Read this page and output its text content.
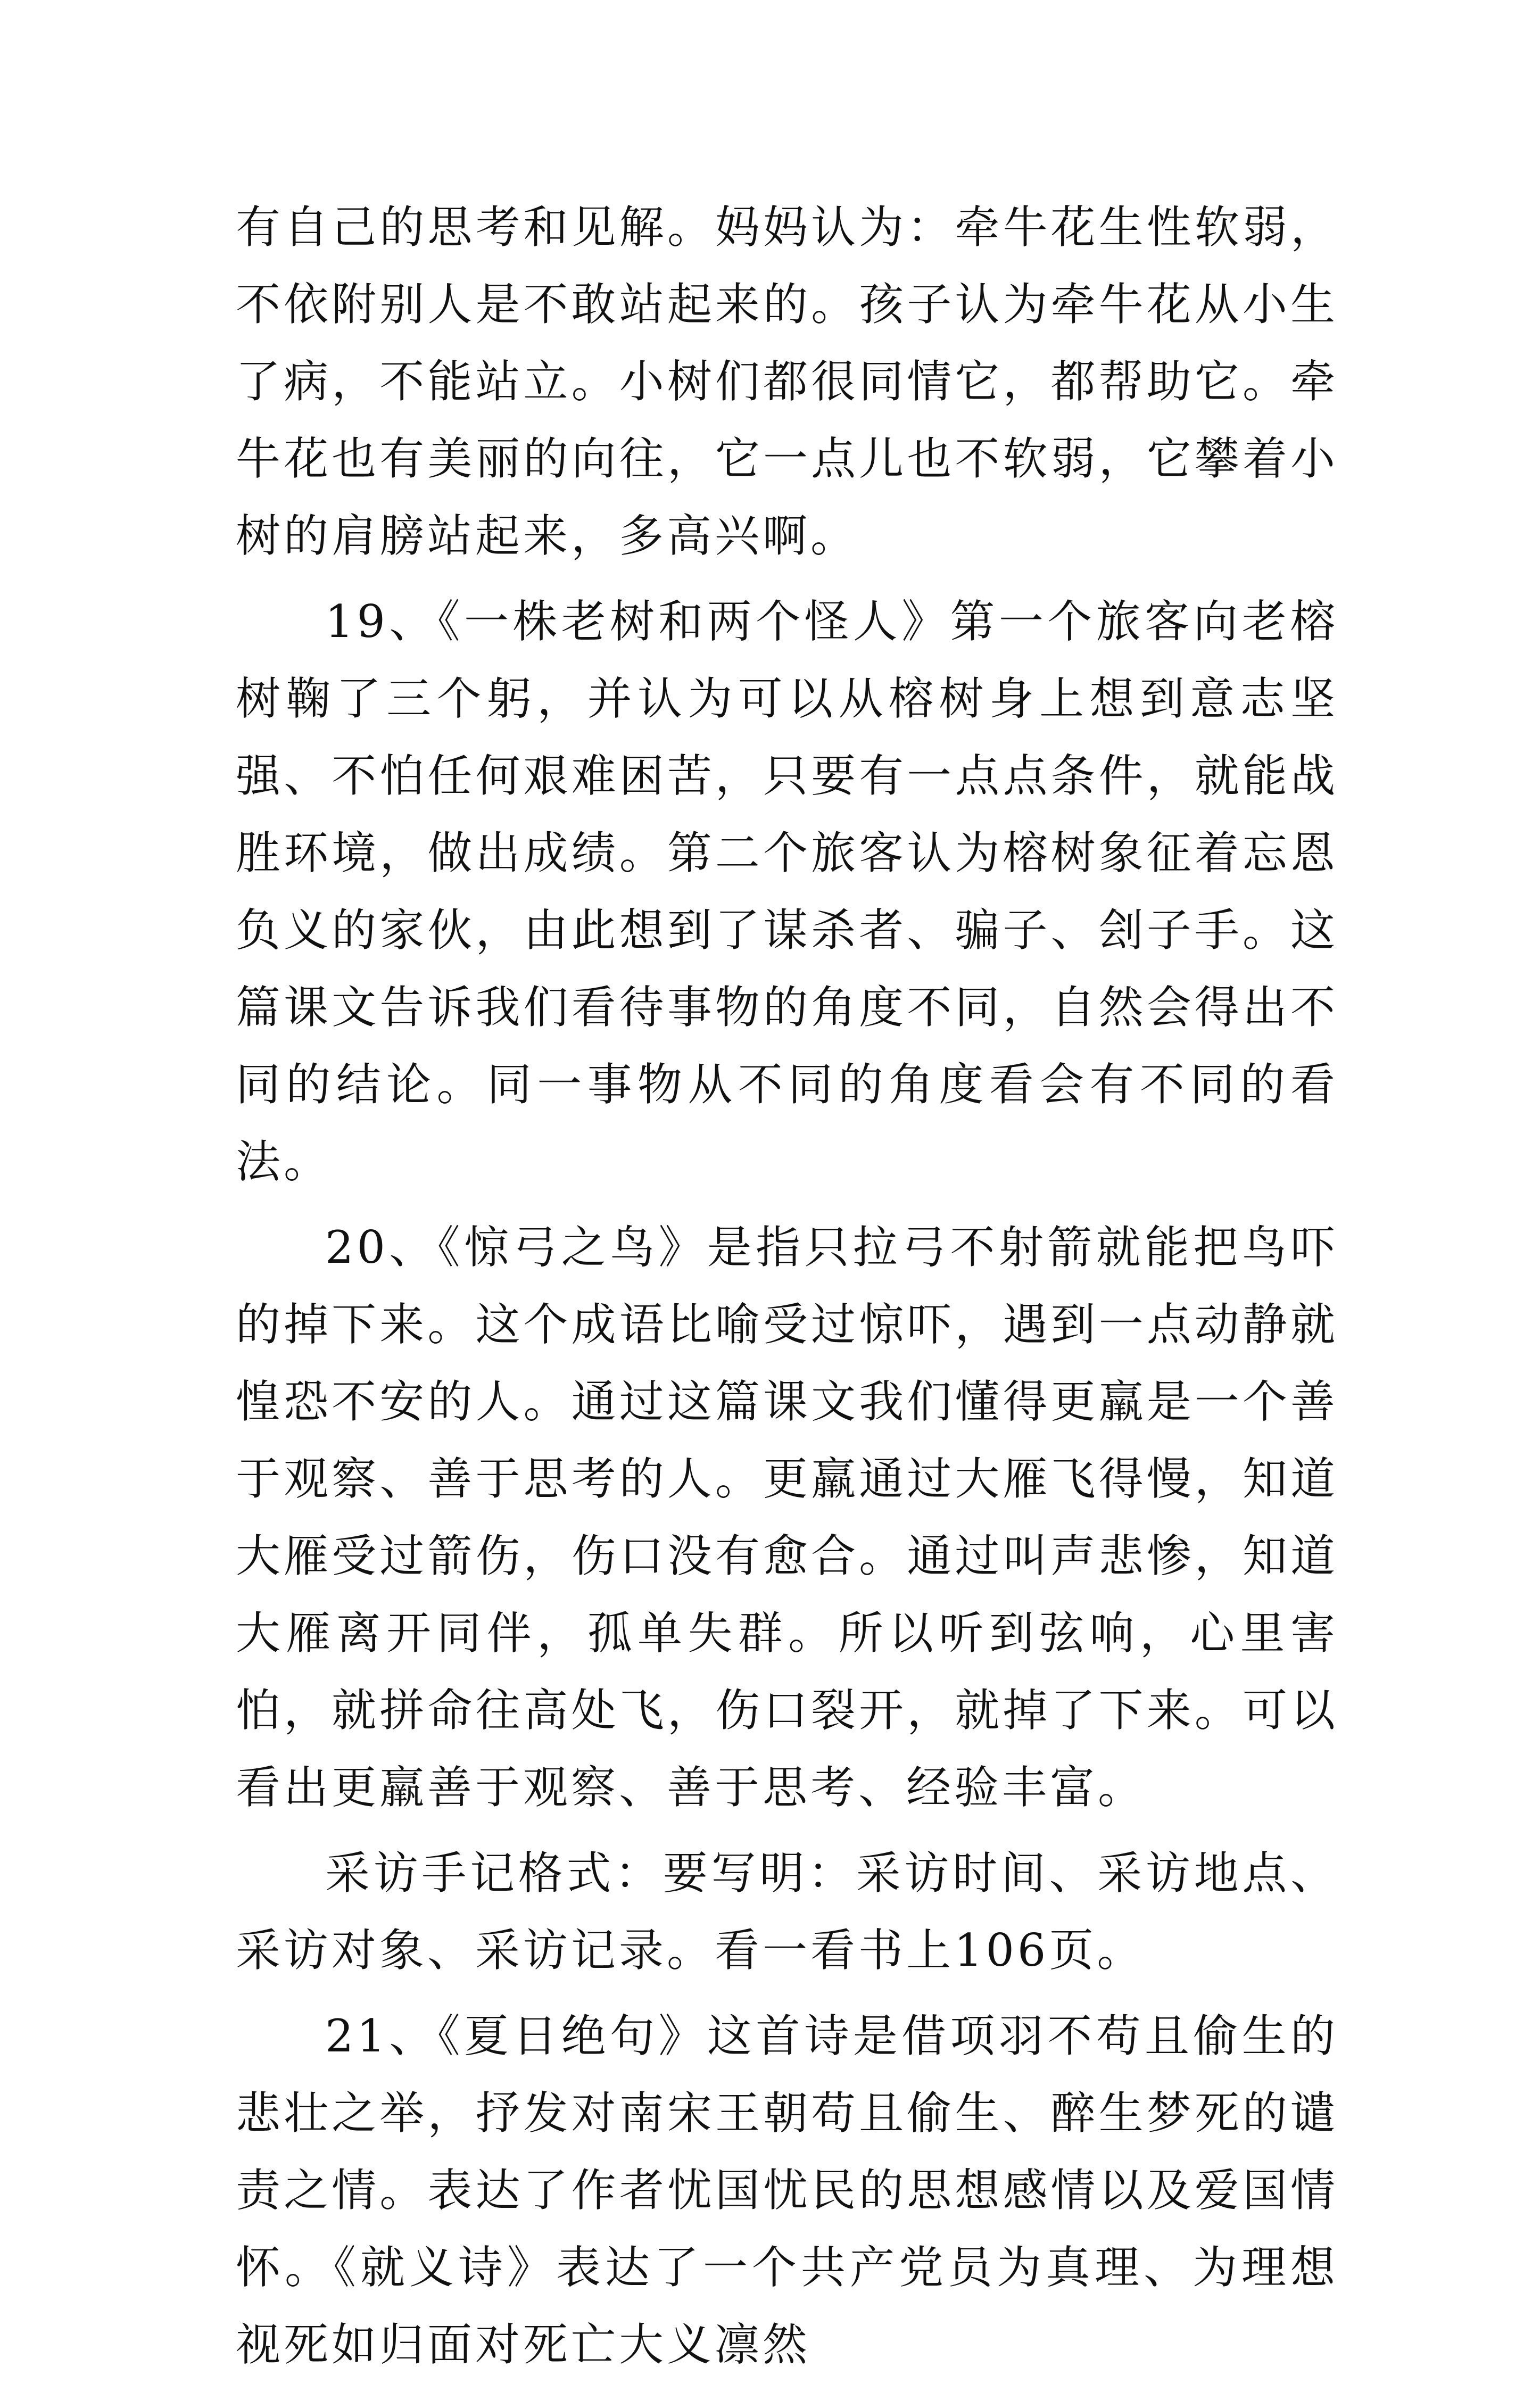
有自己的思考和见解。妈妈认为：牵牛花生性软弱，不依附别人是不敢站起来的。孩子认为牵牛花从小生了病，不能站立。小树们都很同情它，都帮助它。牵牛花也有美丽的向往，它一点儿也不软弱，它攀着小树的肩膀站起来，多高兴啊。

19、《一株老树和两个怪人》第一个旅客向老榕树鞠了三个躬，并认为可以从榕树身上想到意志坚强、不怕任何艰难困苦，只要有一点点条件，就能战胜环境，做出成绩。第二个旅客认为榕树象征着忘恩负义的家伙，由此想到了谋杀者、骗子、刽子手。这篇课文告诉我们看待事物的角度不同，自然会得出不同的结论。同一事物从不同的角度看会有不同的看法。

20、《惊弓之鸟》是指只拉弓不射箭就能把鸟吓的掉下来。这个成语比喻受过惊吓，遇到一点动静就惶恐不安的人。通过这篇课文我们懂得更羸是一个善于观察、善于思考的人。更羸通过大雁飞得慢，知道大雁受过箭伤，伤口没有愈合。通过叫声悲惨，知道大雁离开同伴，孤单失群。所以听到弦响，心里害怕，就拼命往高处飞，伤口裂开，就掉了下来。可以看出更羸善于观察、善于思考、经验丰富。

采访手记格式：要写明：采访时间、采访地点、采访对象、采访记录。看一看书上106页。

21、《夏日绝句》这首诗是借项羽不苟且偷生的悲壮之举，抒发对南宋王朝苟且偷生、醉生梦死的谴责之情。表达了作者忧国忧民的思想感情以及爱国情怀。《就义诗》表达了一个共产党员为真理、为理想视死如归面对死亡大义凛然
